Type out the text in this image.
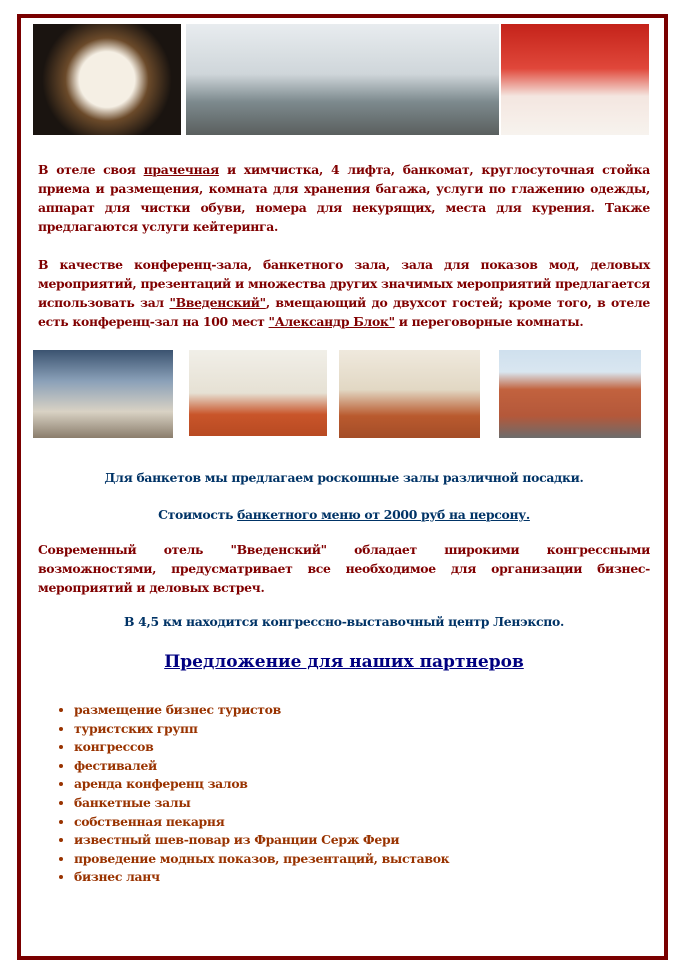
В отеле своя прачечная и химчистка, 4 лифта, банкомат, круглосуточная стойка приема и размещения, комната для хранения багажа, услуги по глажению одежды, аппарат для чистки обуви, номера для некурящих, места для курения. Также предлагаются услуги кейтеринга.
В качестве конференц-зала, банкетного зала, зала для показов мод, деловых мероприятий, презентаций и множества других значимых мероприятий предлагается использовать зал "Введенский", вмещающий до двухсот гостей; кроме того, в отеле есть конференц-зал на 100 мест "Александр Блок" и переговорные комнаты.
Для банкетов мы предлагаем роскошные залы различной посадки.
Стоимость банкетного меню от 2000 руб на персону.
Современный отель "Введенский" обладает широкими конгрессными возможностями, предусматривает все необходимое для организации бизнес-мероприятий и деловых встреч.
В 4,5 км находится конгрессно-выставочный центр Ленэкспо.
Предложение для наших партнеров
• размещение бизнес туристов
• туристских групп
• конгрессов
• фестивалей
• аренда конференц залов
• банкетные залы
• собственная пекарня
• известный шев-повар из Франции Серж Фери
• проведение модных показов, презентаций, выставок
• бизнес ланч
